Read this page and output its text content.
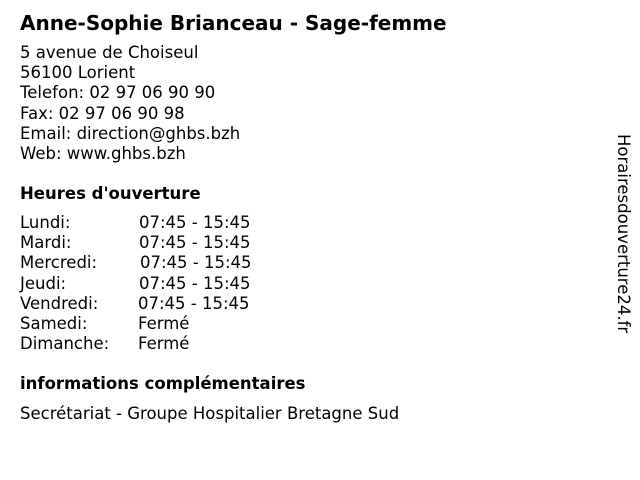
Anne-Sophie Brianceau - Sage-femme
5 avenue de Choiseul
56100 Lorient
Telefon: 02 97 06 90 90
Fax: 02 97 06 90 98
Email: direction@ghbs.bzh
Web: www.ghbs.bzh
Heures d'ouverture
Lundi:	07:45 - 15:45
Mardi:	07:45 - 15:45
Mercredi:	07:45 - 15:45
Jeudi:	07:45 - 15:45
Vendredi: 07:45 - 15:45
Samedi:	Fermé
Dimanche: Fermé
informations complémentaires
Secrétariat - Groupe Hospitalier Bretagne Sud
Horairesdouverture24.fr
